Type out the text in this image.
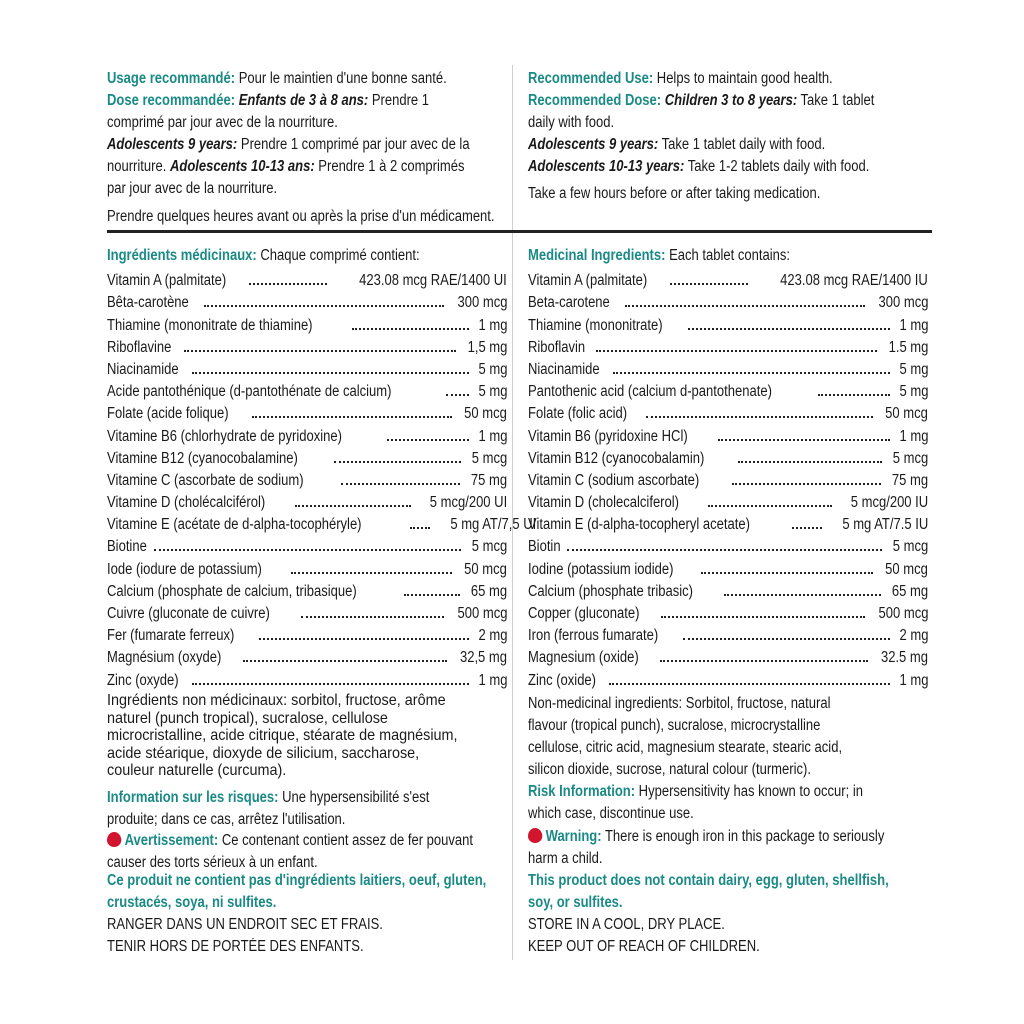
Usage recommandé: Pour le maintien d'une bonne santé.
Dose recommandée: Enfants de 3 à 8 ans: Prendre 1
comprimé par jour avec de la nourriture.
Adolescents 9 years: Prendre 1 comprimé par jour avec de la
nourriture. Adolescents 10-13 ans: Prendre 1 à 2 comprimés
par jour avec de la nourriture.
Prendre quelques heures avant ou après la prise d'un médicament.
Ingrédients médicinaux: Chaque comprimé contient:
Vitamin A (palmitate)	423.08 mcg RAE/1400 UI
Bêta-carotène	300 mcg
Thiamine (mononitrate de thiamine)	1 mg
Riboflavine	1,5 mg
Niacinamide	5 mg
Acide pantothénique (d-pantothénate de calcium)	5 mg
Folate (acide folique)	50 mcg
Vitamine B6 (chlorhydrate de pyridoxine)	1 mg
Vitamine B12 (cyanocobalamine)	5 mcg
Vitamine C (ascorbate de sodium)	75 mg
Vitamine D (cholécalciférol)	5 mcg/200 UI
Vitamine E (acétate de d-alpha-tocophéryle)	5 mg AT/7,5 UI
Biotine	5 mcg
Iode (iodure de potassium)	50 mcg
Calcium (phosphate de calcium, tribasique)	65 mg
Cuivre (gluconate de cuivre)	500 mcg
Fer (fumarate ferreux)	2 mg
Magnésium (oxyde)	32,5 mg
Zinc (oxyde)	1 mg
Ingrédients non médicinaux: sorbitol, fructose, arôme
naturel (punch tropical), sucralose, cellulose
microcristalline, acide citrique, stéarate de magnésium,
acide stéarique, dioxyde de silicium, saccharose,
couleur naturelle (curcuma).
Information sur les risques: Une hypersensibilité s'est
produite; dans ce cas, arrêtez l'utilisation.
Avertissement: Ce contenant contient assez de fer pouvant
causer des torts sérieux à un enfant.
Ce produit ne contient pas d'ingrédients laitiers, oeuf, gluten,
crustacés, soya, ni sulfites.
RANGER DANS UN ENDROIT SEC ET FRAIS.
TENIR HORS DE PORTÉE DES ENFANTS.
Recommended Use: Helps to maintain good health.
Recommended Dose: Children 3 to 8 years: Take 1 tablet
daily with food.
Adolescents 9 years: Take 1 tablet daily with food.
Adolescents 10-13 years: Take 1-2 tablets daily with food.
Take a few hours before or after taking medication.
Medicinal Ingredients: Each tablet contains:
Vitamin A (palmitate)	423.08 mcg RAE/1400 IU
Beta-carotene	300 mcg
Thiamine (mononitrate)	1 mg
Riboflavin	1.5 mg
Niacinamide	5 mg
Pantothenic acid (calcium d-pantothenate)	5 mg
Folate (folic acid)	50 mcg
Vitamin B6 (pyridoxine HCl)	1 mg
Vitamin B12 (cyanocobalamin)	5 mcg
Vitamin C (sodium ascorbate)	75 mg
Vitamin D (cholecalciferol)	5 mcg/200 IU
Vitamin E (d-alpha-tocopheryl acetate)	5 mg AT/7.5 IU
Biotin	5 mcg
Iodine (potassium iodide)	50 mcg
Calcium (phosphate tribasic)	65 mg
Copper (gluconate)	500 mcg
Iron (ferrous fumarate)	2 mg
Magnesium (oxide)	32.5 mg
Zinc (oxide)	1 mg
Non-medicinal ingredients: Sorbitol, fructose, natural
flavour (tropical punch), sucralose, microcrystalline
cellulose, citric acid, magnesium stearate, stearic acid,
silicon dioxide, sucrose, natural colour (turmeric).
Risk Information: Hypersensitivity has known to occur; in
which case, discontinue use.
Warning: There is enough iron in this package to seriously
harm a child.
This product does not contain dairy, egg, gluten, shellfish,
soy, or sulfites.
STORE IN A COOL, DRY PLACE.
KEEP OUT OF REACH OF CHILDREN.
